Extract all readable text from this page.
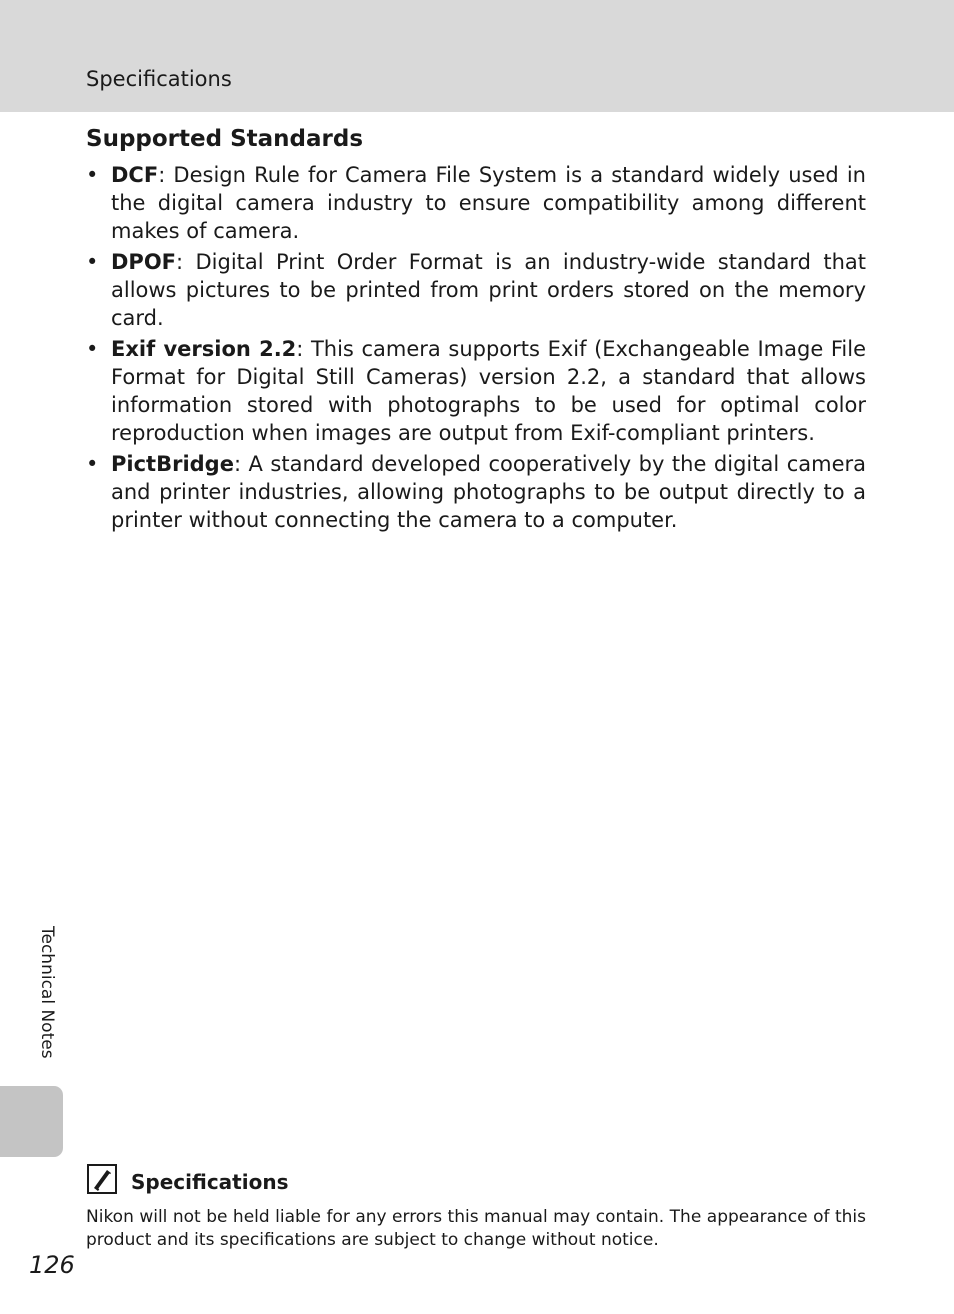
Specifications
Supported Standards
• DCF: Design Rule for Camera File System is a standard widely used in the digital camera industry to ensure compatibility among different makes of camera.
• DPOF: Digital Print Order Format is an industry-wide standard that allows pictures to be printed from print orders stored on the memory card.
• Exif version 2.2: This camera supports Exif (Exchangeable Image File Format for Digital Still Cameras) version 2.2, a standard that allows information stored with photographs to be used for optimal color reproduction when images are output from Exif-compliant printers.
• PictBridge: A standard developed cooperatively by the digital camera and printer industries, allowing photographs to be output directly to a printer without connecting the camera to a computer.
Technical Notes
Specifications
Nikon will not be held liable for any errors this manual may contain. The appearance of this product and its specifications are subject to change without notice.
126
